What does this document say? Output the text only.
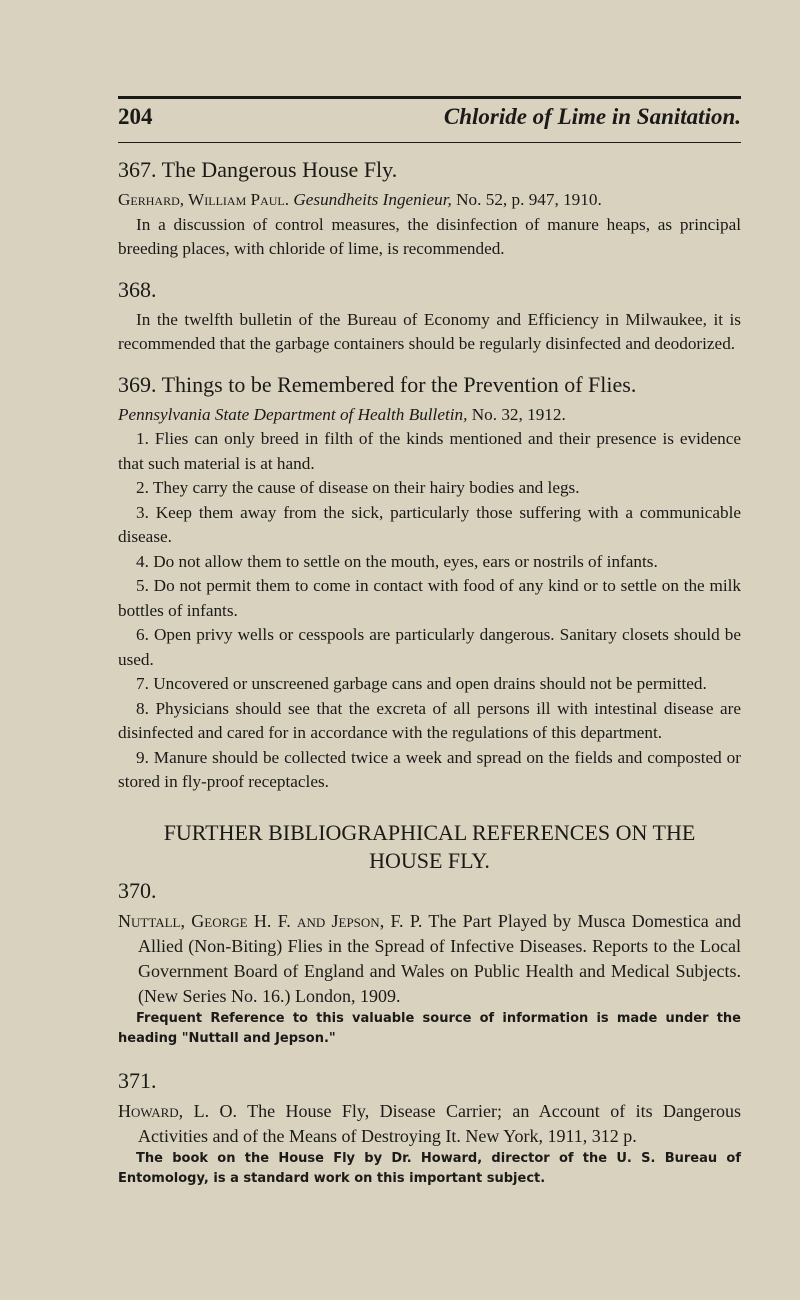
204	Chloride of Lime in Sanitation.

367. The Dangerous House Fly.

Gerhard, William Paul. Gesundheits Ingenieur, No. 52, p. 947, 1910.

In a discussion of control measures, the disinfection of manure heaps, as principal breeding places, with chloride of lime, is recommended.

368.

In the twelfth bulletin of the Bureau of Economy and Efficiency in Milwaukee, it is recommended that the garbage containers should be regularly disinfected and deodorized.

369. Things to be Remembered for the Prevention of Flies.

Pennsylvania State Department of Health Bulletin, No. 32, 1912.

1. Flies can only breed in filth of the kinds mentioned and their presence is evidence that such material is at hand.

2. They carry the cause of disease on their hairy bodies and legs.

3. Keep them away from the sick, particularly those suffering with a communicable disease.

4. Do not allow them to settle on the mouth, eyes, ears or nostrils of infants.

5. Do not permit them to come in contact with food of any kind or to settle on the milk bottles of infants.

6. Open privy wells or cesspools are particularly dangerous. Sanitary closets should be used.

7. Uncovered or unscreened garbage cans and open drains should not be permitted.

8. Physicians should see that the excreta of all persons ill with intestinal disease are disinfected and cared for in accordance with the regulations of this department.

9. Manure should be collected twice a week and spread on the fields and composted or stored in fly-proof receptacles.

FURTHER BIBLIOGRAPHICAL REFERENCES ON THE
HOUSE FLY.

370.

Nuttall, George H. F. and Jepson, F. P. The Part Played by Musca Domestica and Allied (Non-Biting) Flies in the Spread of Infective Diseases. Reports to the Local Government Board of England and Wales on Public Health and Medical Subjects. (New Series No. 16.) London, 1909.

Frequent Reference to this valuable source of information is made under the heading "Nuttall and Jepson."

371.

Howard, L. O. The House Fly, Disease Carrier; an Account of its Dangerous Activities and of the Means of Destroying It. New York, 1911, 312 p.

The book on the House Fly by Dr. Howard, director of the U. S. Bureau of Entomology, is a standard work on this important subject.
